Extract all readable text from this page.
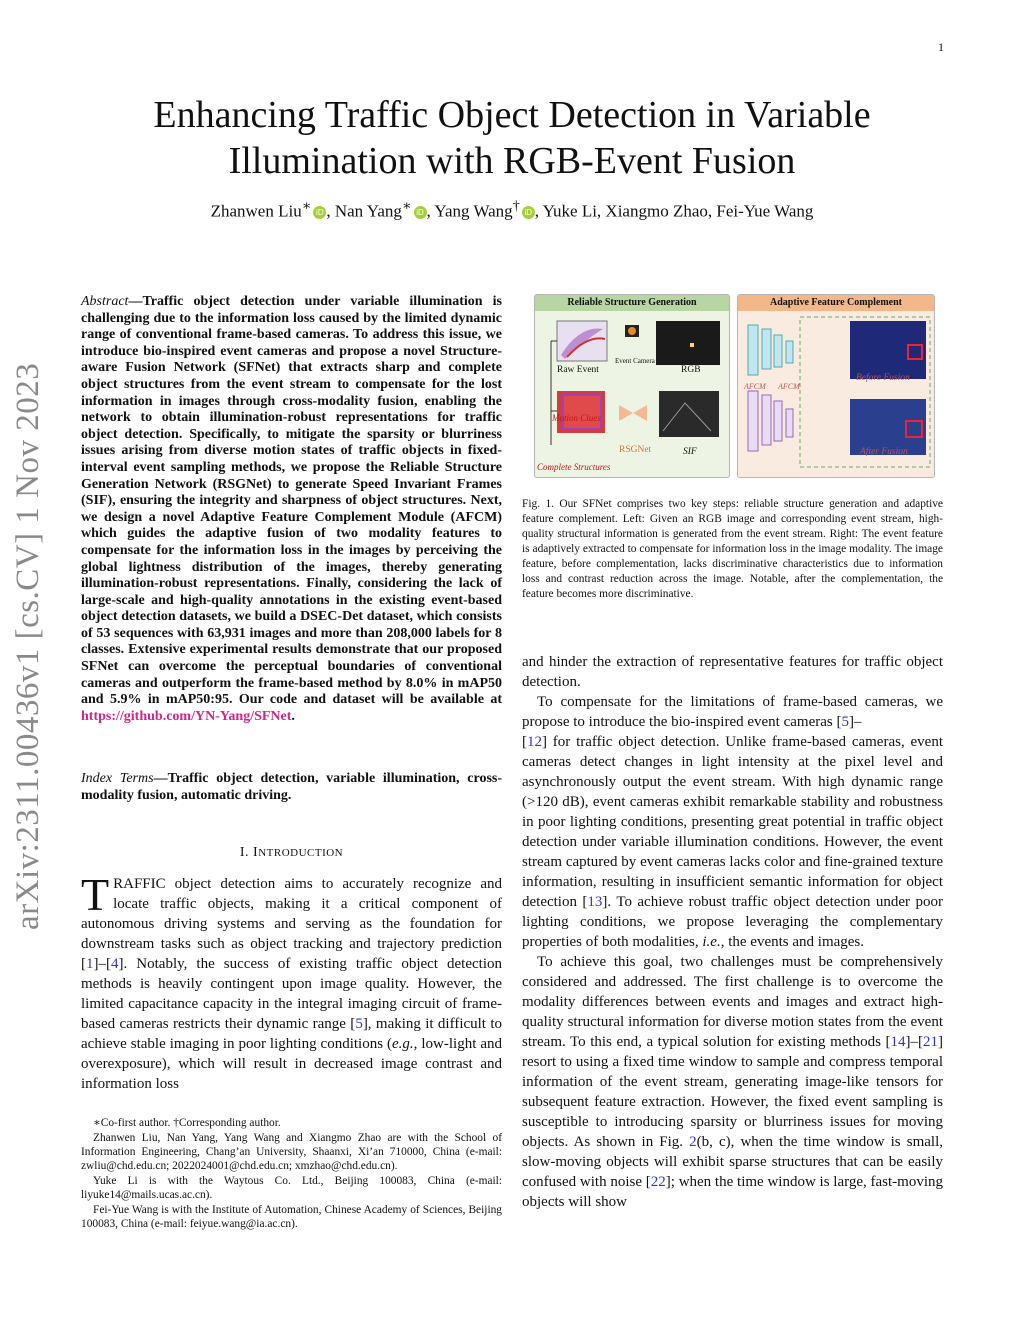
1
arXiv:2311.00436v1 [cs.CV] 1 Nov 2023
Enhancing Traffic Object Detection in Variable
Illumination with RGB-Event Fusion
Zhanwen Liu∗ iD , Nan Yang∗ iD , Yang Wang† iD , Yuke Li, Xiangmo Zhao, Fei-Yue Wang
Abstract—Traffic object detection under variable illumination is challenging due to the information loss caused by the limited dynamic range of conventional frame-based cameras. To address this issue, we introduce bio-inspired event cameras and propose a novel Structure-aware Fusion Network (SFNet) that extracts sharp and complete object structures from the event stream to compensate for the lost information in images through cross-modality fusion, enabling the network to obtain illumination-robust representations for traffic object detection. Specifically, to mitigate the sparsity or blurriness issues arising from diverse motion states of traffic objects in fixed-interval event sampling methods, we propose the Reliable Structure Generation Network (RSGNet) to generate Speed Invariant Frames (SIF), ensuring the integrity and sharpness of object structures. Next, we design a novel Adaptive Feature Complement Module (AFCM) which guides the adaptive fusion of two modality features to compensate for the information loss in the images by perceiving the global lightness distribution of the images, thereby generating illumination-robust representations. Finally, considering the lack of large-scale and high-quality annotations in the existing event-based object detection datasets, we build a DSEC-Det dataset, which consists of 53 sequences with 63,931 images and more than 208,000 labels for 8 classes. Extensive experimental results demonstrate that our proposed SFNet can overcome the perceptual boundaries of conventional cameras and outperform the frame-based method by 8.0% in mAP50 and 5.9% in mAP50:95. Our code and dataset will be available at https://github.com/YN-Yang/SFNet.
Index Terms—Traffic object detection, variable illumination, cross-modality fusion, automatic driving.
I. INTRODUCTION

TRAFFIC object detection aims to accurately recognize and locate traffic objects, making it a critical component of autonomous driving systems and serving as the foundation for downstream tasks such as object tracking and trajectory prediction [1]–[4]. Notably, the success of existing traffic object detection methods is heavily contingent upon image quality. However, the limited capacitance capacity in the integral imaging circuit of frame-based cameras restricts their dynamic range [5], making it difficult to achieve stable imaging in poor lighting conditions (e.g., low-light and overexposure), which will result in decreased image contrast and information loss

∗Co-first author. †Corresponding author.

Zhanwen Liu, Nan Yang, Yang Wang and Xiangmo Zhao are with the School of Information Engineering, Chang’an University, Shaanxi, Xi’an 710000, China (e-mail: zwliu@chd.edu.cn; 2022024001@chd.edu.cn; xmzhao@chd.edu.cn).

Yuke Li is with the Waytous Co. Ltd., Beijing 100083, China (e-mail: liyuke14@mails.ucas.ac.cn).

Fei-Yue Wang is with the Institute of Automation, Chinese Academy of Sciences, Beijing 100083, China (e-mail: feiyue.wang@ia.ac.cn).

Reliable Structure Generation
Raw Event
Event Camera
RGB
Motion Clues
RSGNet	SIF
Complete Structures
Adaptive Feature Complement
AFCM AFCM
Before Fusion
After Fusion
Fig. 1. Our SFNet comprises two key steps: reliable structure generation and adaptive feature complement. Left: Given an RGB image and corresponding event stream, high-quality structural information is generated from the event stream. Right: The event feature is adaptively extracted to compensate for information loss in the image modality. The image feature, before complementation, lacks discriminative characteristics due to information loss and contrast reduction across the image. Notable, after the complementation, the feature becomes more discriminative.

and hinder the extraction of representative features for traffic object detection.

To compensate for the limitations of frame-based cameras, we propose to introduce the bio-inspired event cameras [5]–
[12] for traffic object detection. Unlike frame-based cameras, event cameras detect changes in light intensity at the pixel level and asynchronously output the event stream. With high dynamic range (>120 dB), event cameras exhibit remarkable stability and robustness in poor lighting conditions, presenting great potential in traffic object detection under variable illumination conditions. However, the event stream captured by event cameras lacks color and fine-grained texture information, resulting in insufficient semantic information for object detection [13]. To achieve robust traffic object detection under poor lighting conditions, we propose leveraging the complementary properties of both modalities, i.e., the events and images.

To achieve this goal, two challenges must be comprehensively considered and addressed. The first challenge is to overcome the modality differences between events and images and extract high-quality structural information for diverse motion states from the event stream. To this end, a typical solution for existing methods [14]–[21] resort to using a fixed time window to sample and compress temporal information of the event stream, generating image-like tensors for subsequent feature extraction. However, the fixed event sampling is susceptible to introducing sparsity or blurriness issues for moving objects. As shown in Fig. 2(b, c), when the time window is small, slow-moving objects will exhibit sparse structures that can be easily confused with noise [22]; when the time window is large, fast-moving objects will show
